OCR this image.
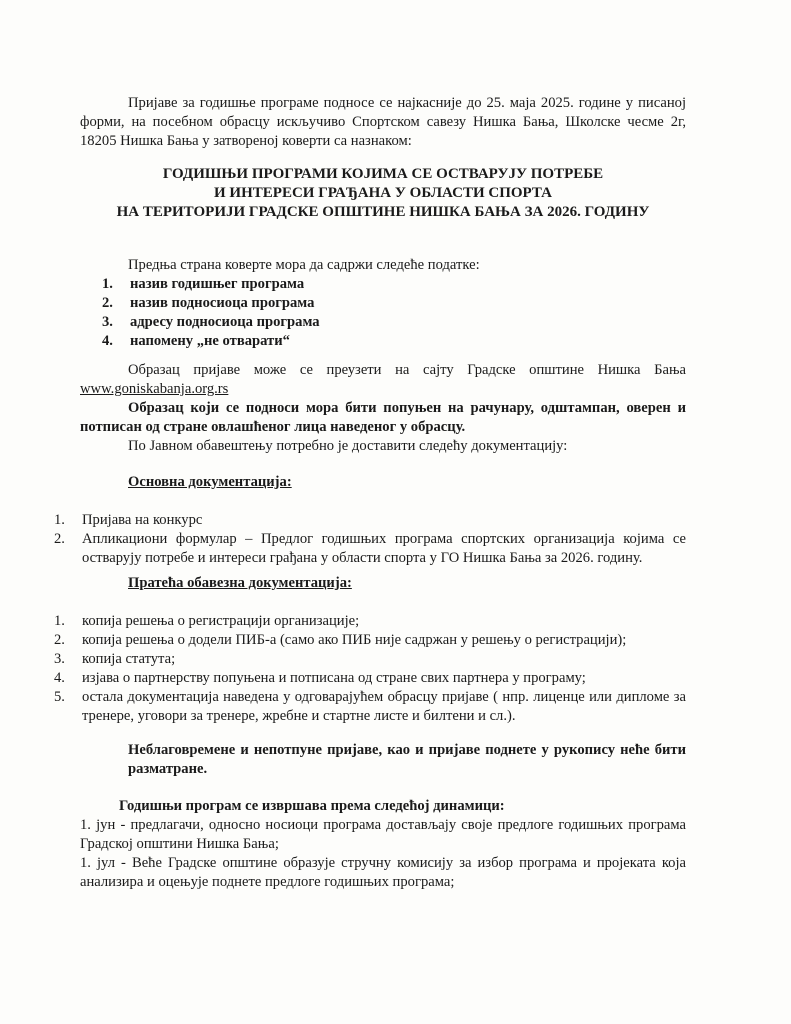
Пријаве за годишње програме подносе се најкасније до 25. маја 2025. године у писаној форми, на посебном обрасцу искључиво Спортском савезу Нишка Бања, Школске чесме 2г, 18205 Нишка Бања у затвореној коверти са назнаком:
ГОДИШЊИ ПРОГРАМИ КОЈИМА СЕ ОСТВАРУЈУ ПОТРЕБЕ
И ИНТЕРЕСИ ГРАЂАНА У ОБЛАСТИ СПОРТА
НА ТЕРИТОРИЈИ ГРАДСКЕ ОПШТИНЕ НИШКА БАЊА ЗА 2026. ГОДИНУ
Предња страна коверте мора да садржи следеће податке:
1.	назив годишњег програма
2.	назив подносиоца програма
3.	адресу подносиоца програма
4.	напомену „не отварати“
Образац пријаве може се преузети на сајту Градске општине Нишка Бања www.goniskabanja.org.rs
Образац који се подноси мора бити попуњен на рачунару, одштампан, оверен и потписан од стране овлашћеног лица наведеног у обрасцу.
По Јавном обавештењу потребно је доставити следећу документацију:
Основна документација:
1.	Пријава на конкурс
2.	Апликациони формулар – Предлог годишњих програма спортских организација којима се остварују потребе и интереси грађана у области спорта у ГО Нишка Бања за 2026. годину.
Пратећа обавезна документација:
1.	копија решења о регистрацији организације;
2.	копија решења о додели ПИБ-а (само ако ПИБ није садржан у решењу о регистрацији);
3.	копија статута;
4.	изјава о партнерству попуњена и потписана од стране свих партнера у програму;
5.	остала документација наведена у одговарајућем обрасцу пријаве ( нпр. лиценце или дипломе за тренере, уговори за тренере, жребне и стартне листе и билтени и сл.).
Неблаговремене и непотпуне пријаве, као и пријаве поднете у рукопису неће бити разматране.
Годишњи програм се извршава према следећој динамици:
1. јун - предлагачи, односно носиоци програма достављају своје предлоге годишњих програма Градској општини Нишка Бања;
1. јул - Веће Градске општине образује стручну комисију за избор програма и пројеката која анализира и оцењује поднете предлоге годишњих програма;
